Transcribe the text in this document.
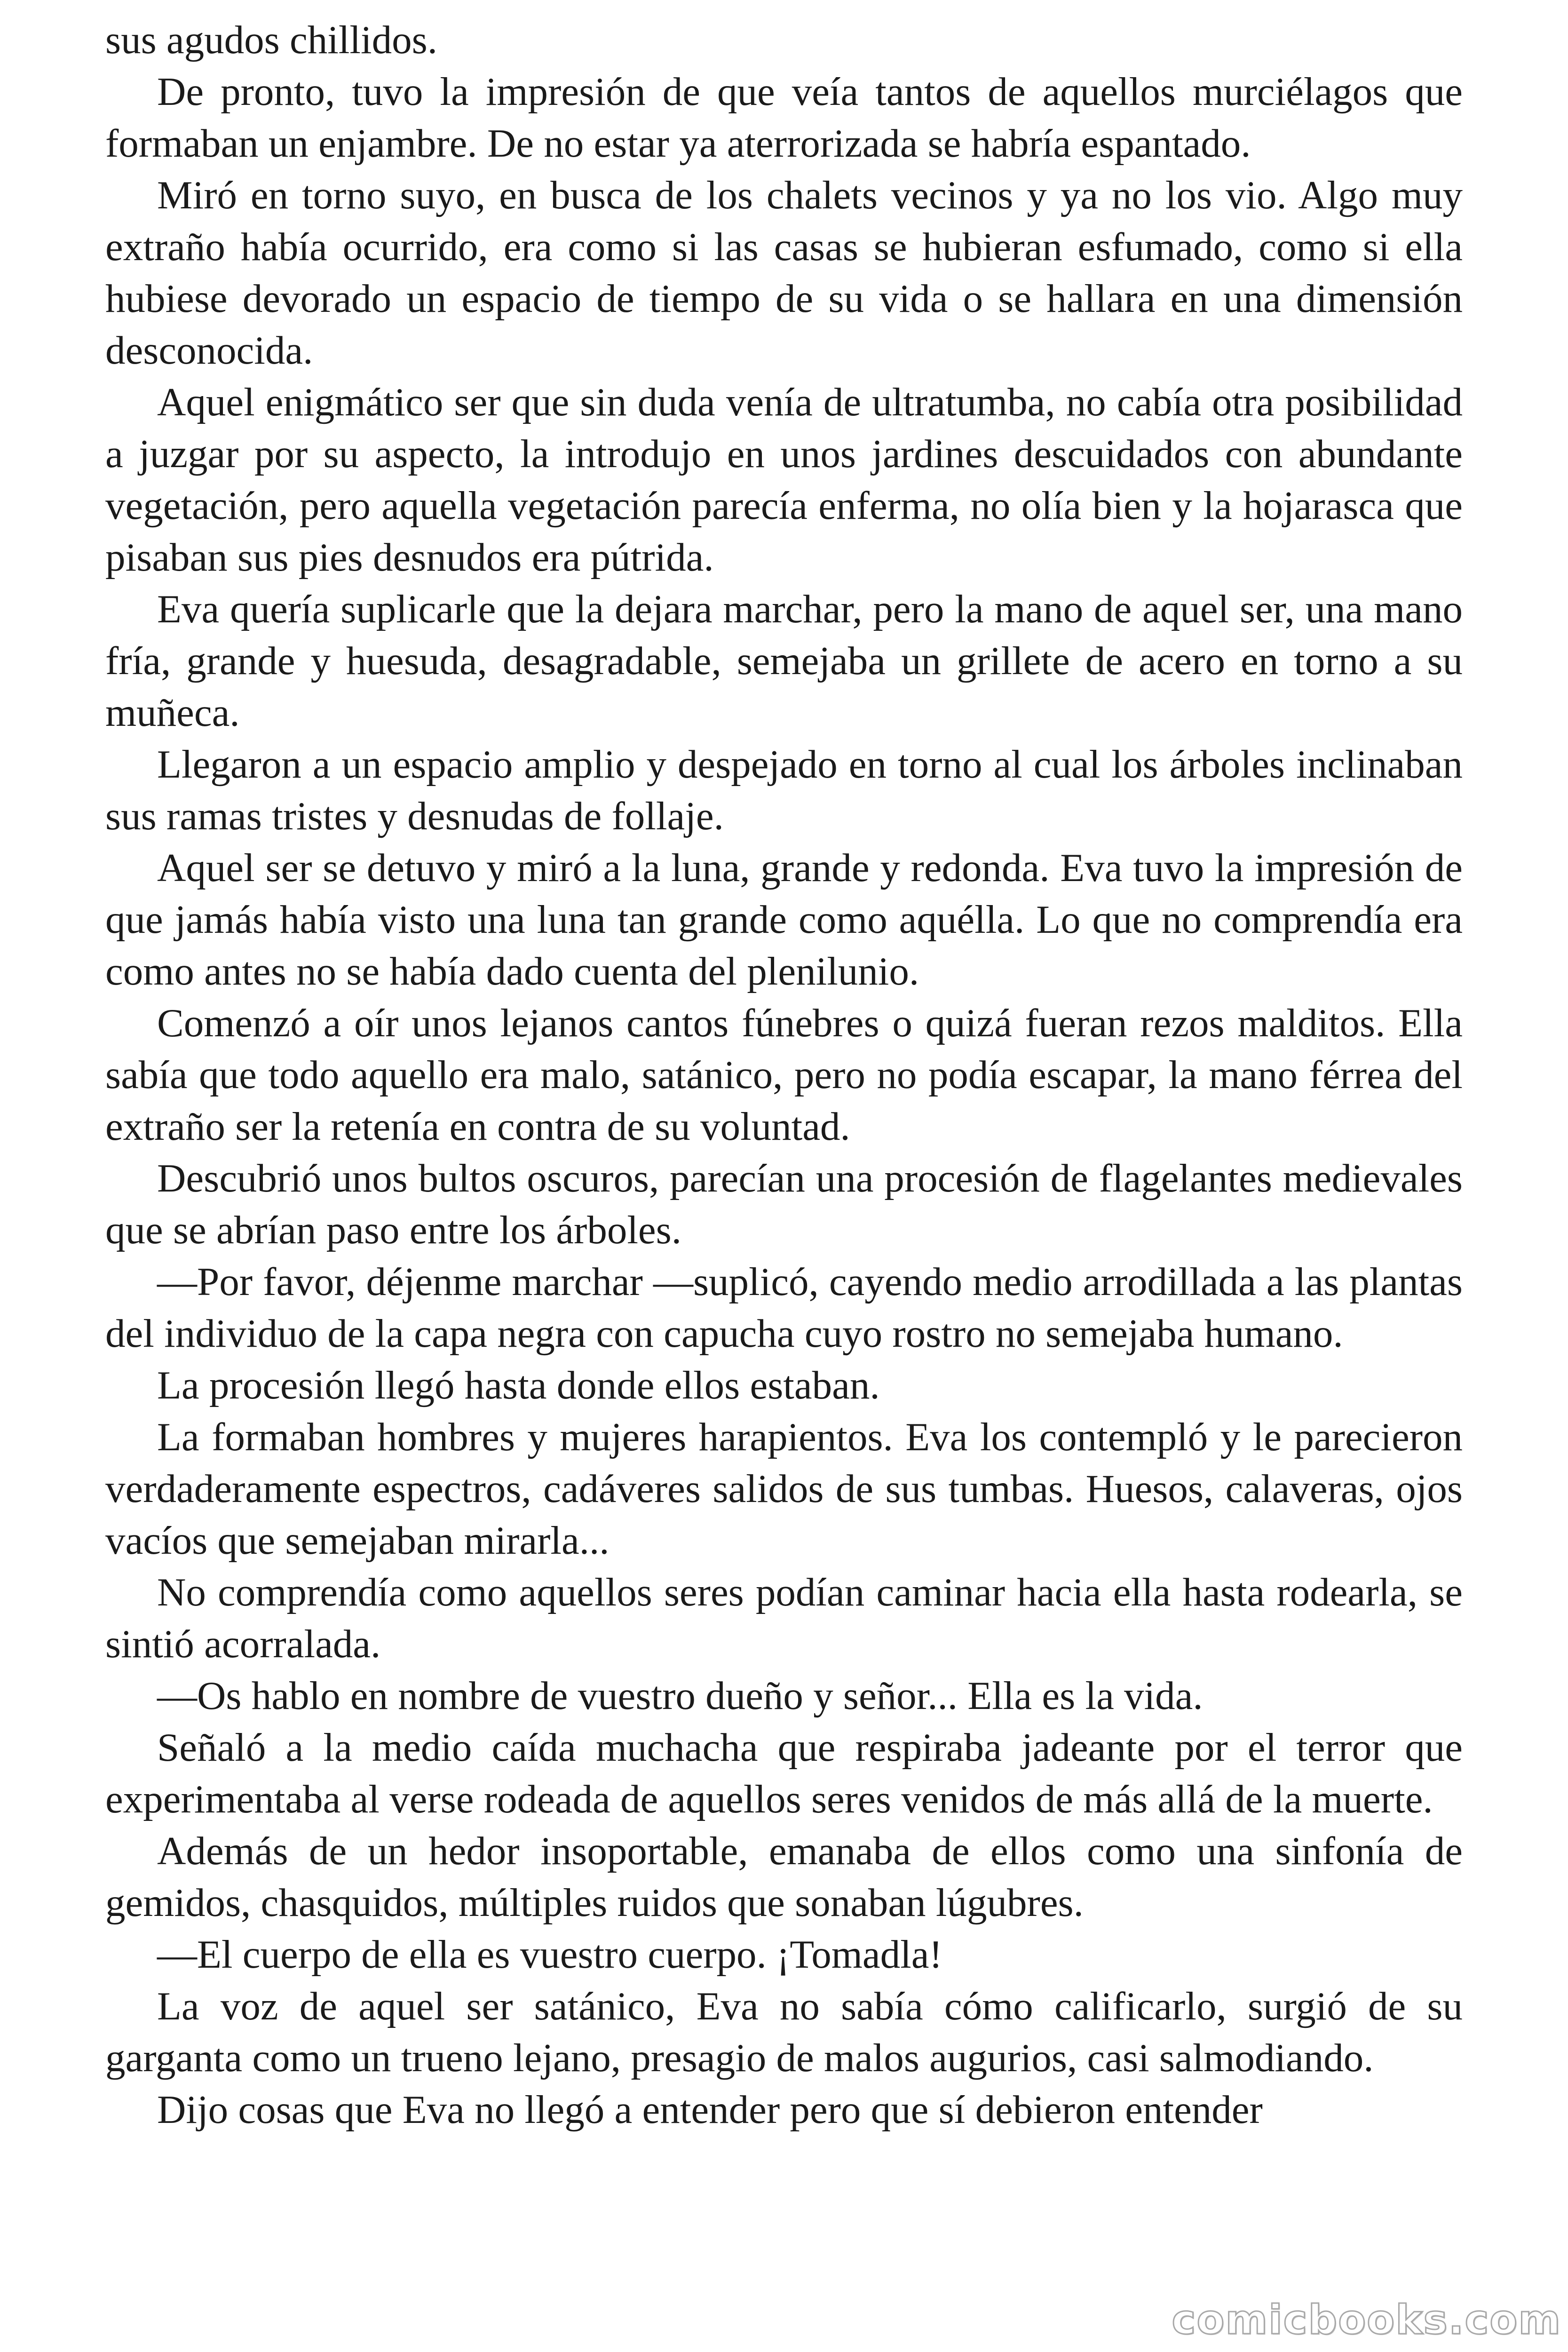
sus agudos chillidos.

De pronto, tuvo la impresión de que veía tantos de aquellos murciélagos que formaban un enjambre. De no estar ya aterrorizada se habría espantado.

Miró en torno suyo, en busca de los chalets vecinos y ya no los vio. Algo muy extraño había ocurrido, era como si las casas se hubieran esfumado, como si ella hubiese devorado un espacio de tiempo de su vida o se hallara en una dimensión desconocida.

Aquel enigmático ser que sin duda venía de ultratumba, no cabía otra posibilidad a juzgar por su aspecto, la introdujo en unos jardines descuidados con abundante vegetación, pero aquella vegetación parecía enferma, no olía bien y la hojarasca que pisaban sus pies desnudos era pútrida.

Eva quería suplicarle que la dejara marchar, pero la mano de aquel ser, una mano fría, grande y huesuda, desagradable, semejaba un grillete de acero en torno a su muñeca.

Llegaron a un espacio amplio y despejado en torno al cual los árboles inclinaban sus ramas tristes y desnudas de follaje.

Aquel ser se detuvo y miró a la luna, grande y redonda. Eva tuvo la impresión de que jamás había visto una luna tan grande como aquélla. Lo que no comprendía era como antes no se había dado cuenta del plenilunio.

Comenzó a oír unos lejanos cantos fúnebres o quizá fueran rezos malditos. Ella sabía que todo aquello era malo, satánico, pero no podía escapar, la mano férrea del extraño ser la retenía en contra de su voluntad.

Descubrió unos bultos oscuros, parecían una procesión de flagelantes medievales que se abrían paso entre los árboles.

—Por favor, déjenme marchar —suplicó, cayendo medio arrodillada a las plantas del individuo de la capa negra con capucha cuyo rostro no semejaba humano.

La procesión llegó hasta donde ellos estaban.

La formaban hombres y mujeres harapientos. Eva los contempló y le parecieron verdaderamente espectros, cadáveres salidos de sus tumbas. Huesos, calaveras, ojos vacíos que semejaban mirarla...

No comprendía como aquellos seres podían caminar hacia ella hasta rodearla, se sintió acorralada.

—Os hablo en nombre de vuestro dueño y señor... Ella es la vida.

Señaló a la medio caída muchacha que respiraba jadeante por el terror que experimentaba al verse rodeada de aquellos seres venidos de más allá de la muerte.

Además de un hedor insoportable, emanaba de ellos como una sinfonía de gemidos, chasquidos, múltiples ruidos que sonaban lúgubres.

—El cuerpo de ella es vuestro cuerpo. ¡Tomadla!

La voz de aquel ser satánico, Eva no sabía cómo calificarlo, surgió de su garganta como un trueno lejano, presagio de malos augurios, casi salmodiando.

Dijo cosas que Eva no llegó a entender pero que sí debieron entender

comicbooks.com
